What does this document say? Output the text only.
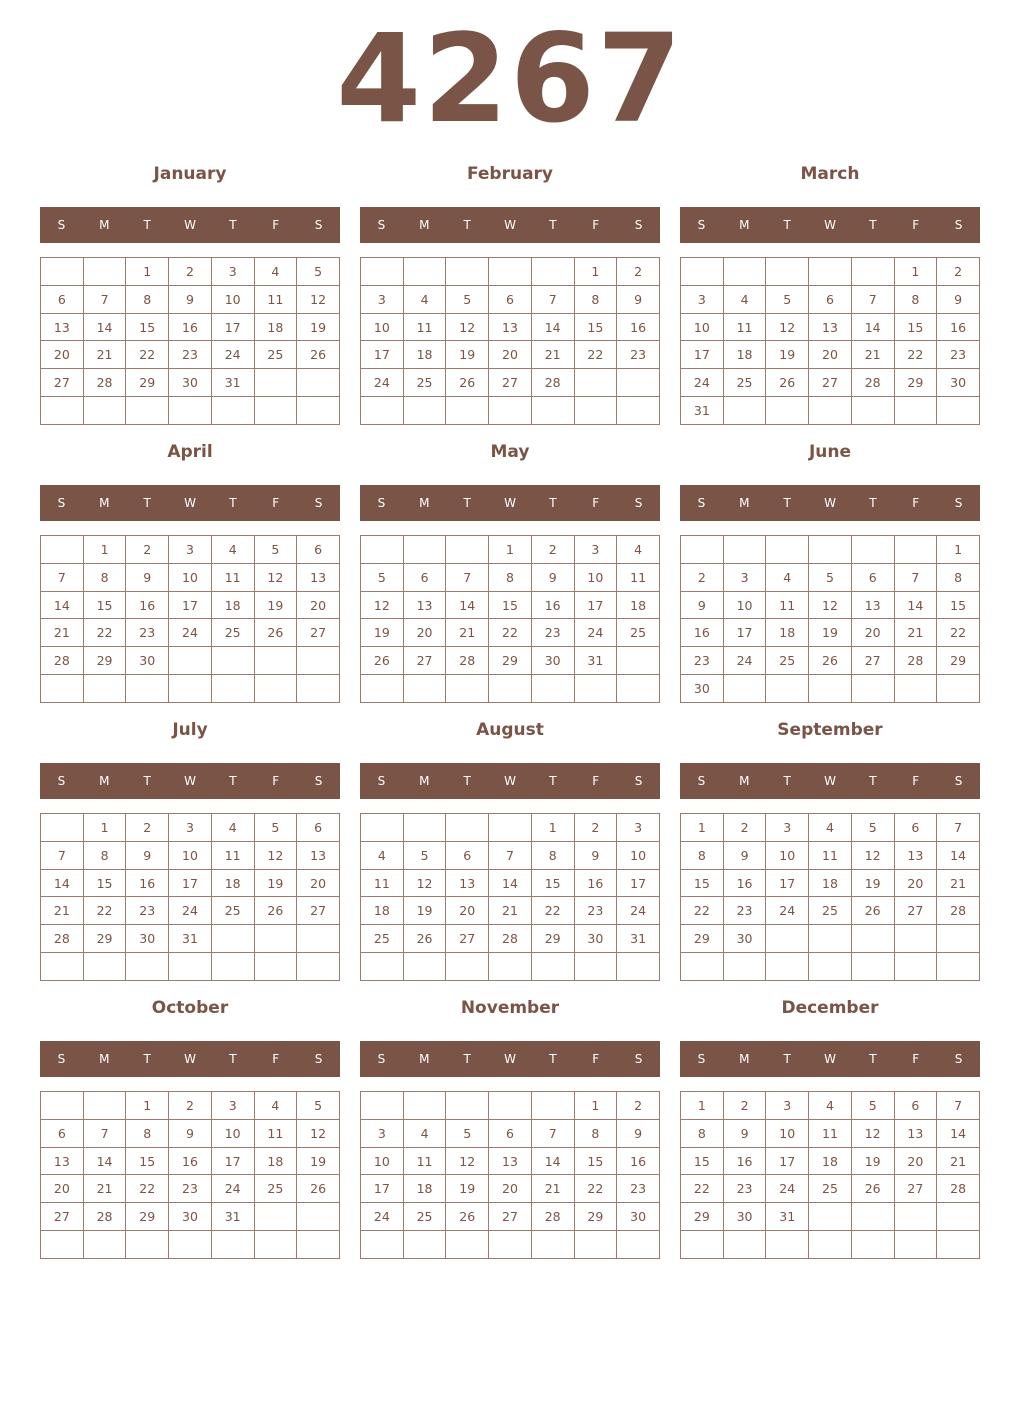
4267
January
S	M	T	W	T	F	S
		1	2	3	4	5
6	7	8	9	10	11	12
13	14	15	16	17	18	19
20	21	22	23	24	25	26
27	28	29	30	31		

February
S	M	T	W	T	F	S
					1	2
3	4	5	6	7	8	9
10	11	12	13	14	15	16
17	18	19	20	21	22	23
24	25	26	27	28		

March
S	M	T	W	T	F	S
					1	2
3	4	5	6	7	8	9
10	11	12	13	14	15	16
17	18	19	20	21	22	23
24	25	26	27	28	29	30
31						
April
S	M	T	W	T	F	S
	1	2	3	4	5	6
7	8	9	10	11	12	13
14	15	16	17	18	19	20
21	22	23	24	25	26	27
28	29	30				

May
S	M	T	W	T	F	S
			1	2	3	4
5	6	7	8	9	10	11
12	13	14	15	16	17	18
19	20	21	22	23	24	25
26	27	28	29	30	31	

June
S	M	T	W	T	F	S
						1
2	3	4	5	6	7	8
9	10	11	12	13	14	15
16	17	18	19	20	21	22
23	24	25	26	27	28	29
30						
July
S	M	T	W	T	F	S
	1	2	3	4	5	6
7	8	9	10	11	12	13
14	15	16	17	18	19	20
21	22	23	24	25	26	27
28	29	30	31			

August
S	M	T	W	T	F	S
				1	2	3
4	5	6	7	8	9	10
11	12	13	14	15	16	17
18	19	20	21	22	23	24
25	26	27	28	29	30	31

September
S	M	T	W	T	F	S
1	2	3	4	5	6	7
8	9	10	11	12	13	14
15	16	17	18	19	20	21
22	23	24	25	26	27	28
29	30					

October
S	M	T	W	T	F	S
		1	2	3	4	5
6	7	8	9	10	11	12
13	14	15	16	17	18	19
20	21	22	23	24	25	26
27	28	29	30	31		

November
S	M	T	W	T	F	S
					1	2
3	4	5	6	7	8	9
10	11	12	13	14	15	16
17	18	19	20	21	22	23
24	25	26	27	28	29	30

December
S	M	T	W	T	F	S
1	2	3	4	5	6	7
8	9	10	11	12	13	14
15	16	17	18	19	20	21
22	23	24	25	26	27	28
29	30	31				
